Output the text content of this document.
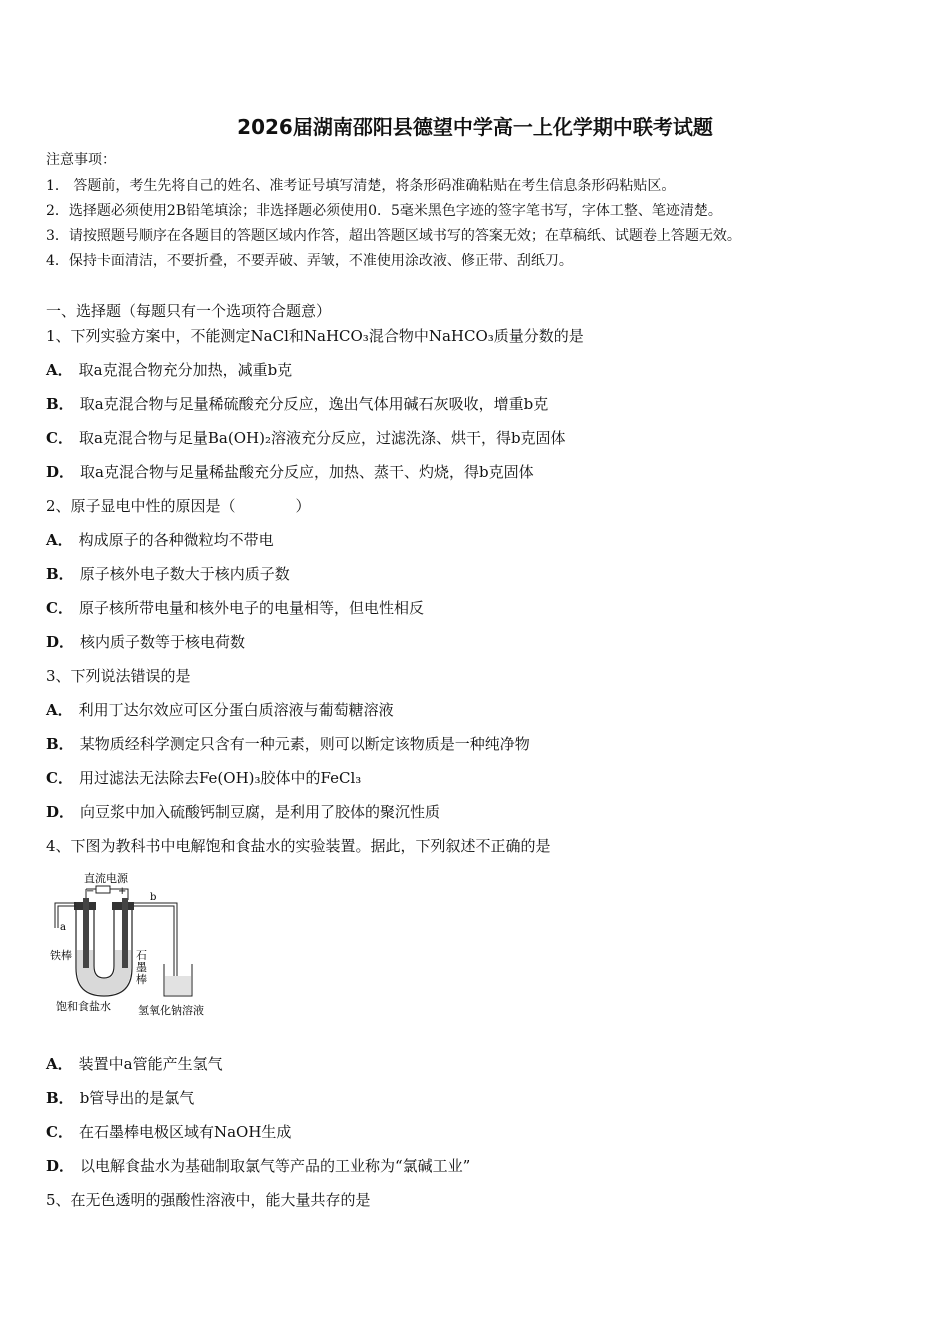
2026届湖南邵阳县德望中学高一上化学期中联考试题
注意事项：
1． 答题前，考生先将自己的姓名、准考证号填写清楚，将条形码准确粘贴在考生信息条形码粘贴区。
2．选择题必须使用2B铅笔填涂；非选择题必须使用0．5毫米黑色字迹的签字笔书写，字体工整、笔迹清楚。
3．请按照题号顺序在各题目的答题区域内作答，超出答题区域书写的答案无效；在草稿纸、试题卷上答题无效。
4．保持卡面清洁，不要折叠，不要弄破、弄皱，不准使用涂改液、修正带、刮纸刀。
一、选择题（每题只有一个选项符合题意）
1、下列实验方案中，不能测定NaCl和NaHCO₃混合物中NaHCO₃质量分数的是
A． 取a克混合物充分加热，减重b克
B． 取a克混合物与足量稀硫酸充分反应，逸出气体用碱石灰吸收，增重b克
C． 取a克混合物与足量Ba(OH)₂溶液充分反应，过滤洗涤、烘干，得b克固体
D． 取a克混合物与足量稀盐酸充分反应，加热、蒸干、灼烧，得b克固体
2、原子显电中性的原因是（　　　　）
A． 构成原子的各种微粒均不带电
B． 原子核外电子数大于核内质子数
C． 原子核所带电量和核外电子的电量相等，但电性相反
D． 核内质子数等于核电荷数
3、下列说法错误的是
A． 利用丁达尔效应可区分蛋白质溶液与葡萄糖溶液
B． 某物质经科学测定只含有一种元素，则可以断定该物质是一种纯净物
C． 用过滤法无法除去Fe(OH)₃胶体中的FeCl₃
D． 向豆浆中加入硫酸钙制豆腐，是利用了胶体的聚沉性质
4、下图为教科书中电解饱和食盐水的实验装置。据此，下列叙述不正确的是
直流电源
− +
a
b
铁棒	石
墨
棒
饱和食盐水 氢氧化钠溶液
A． 装置中a管能产生氢气
B． b管导出的是氯气
C． 在石墨棒电极区域有NaOH生成
D． 以电解食盐水为基础制取氯气等产品的工业称为“氯碱工业”
5、在无色透明的强酸性溶液中，能大量共存的是
